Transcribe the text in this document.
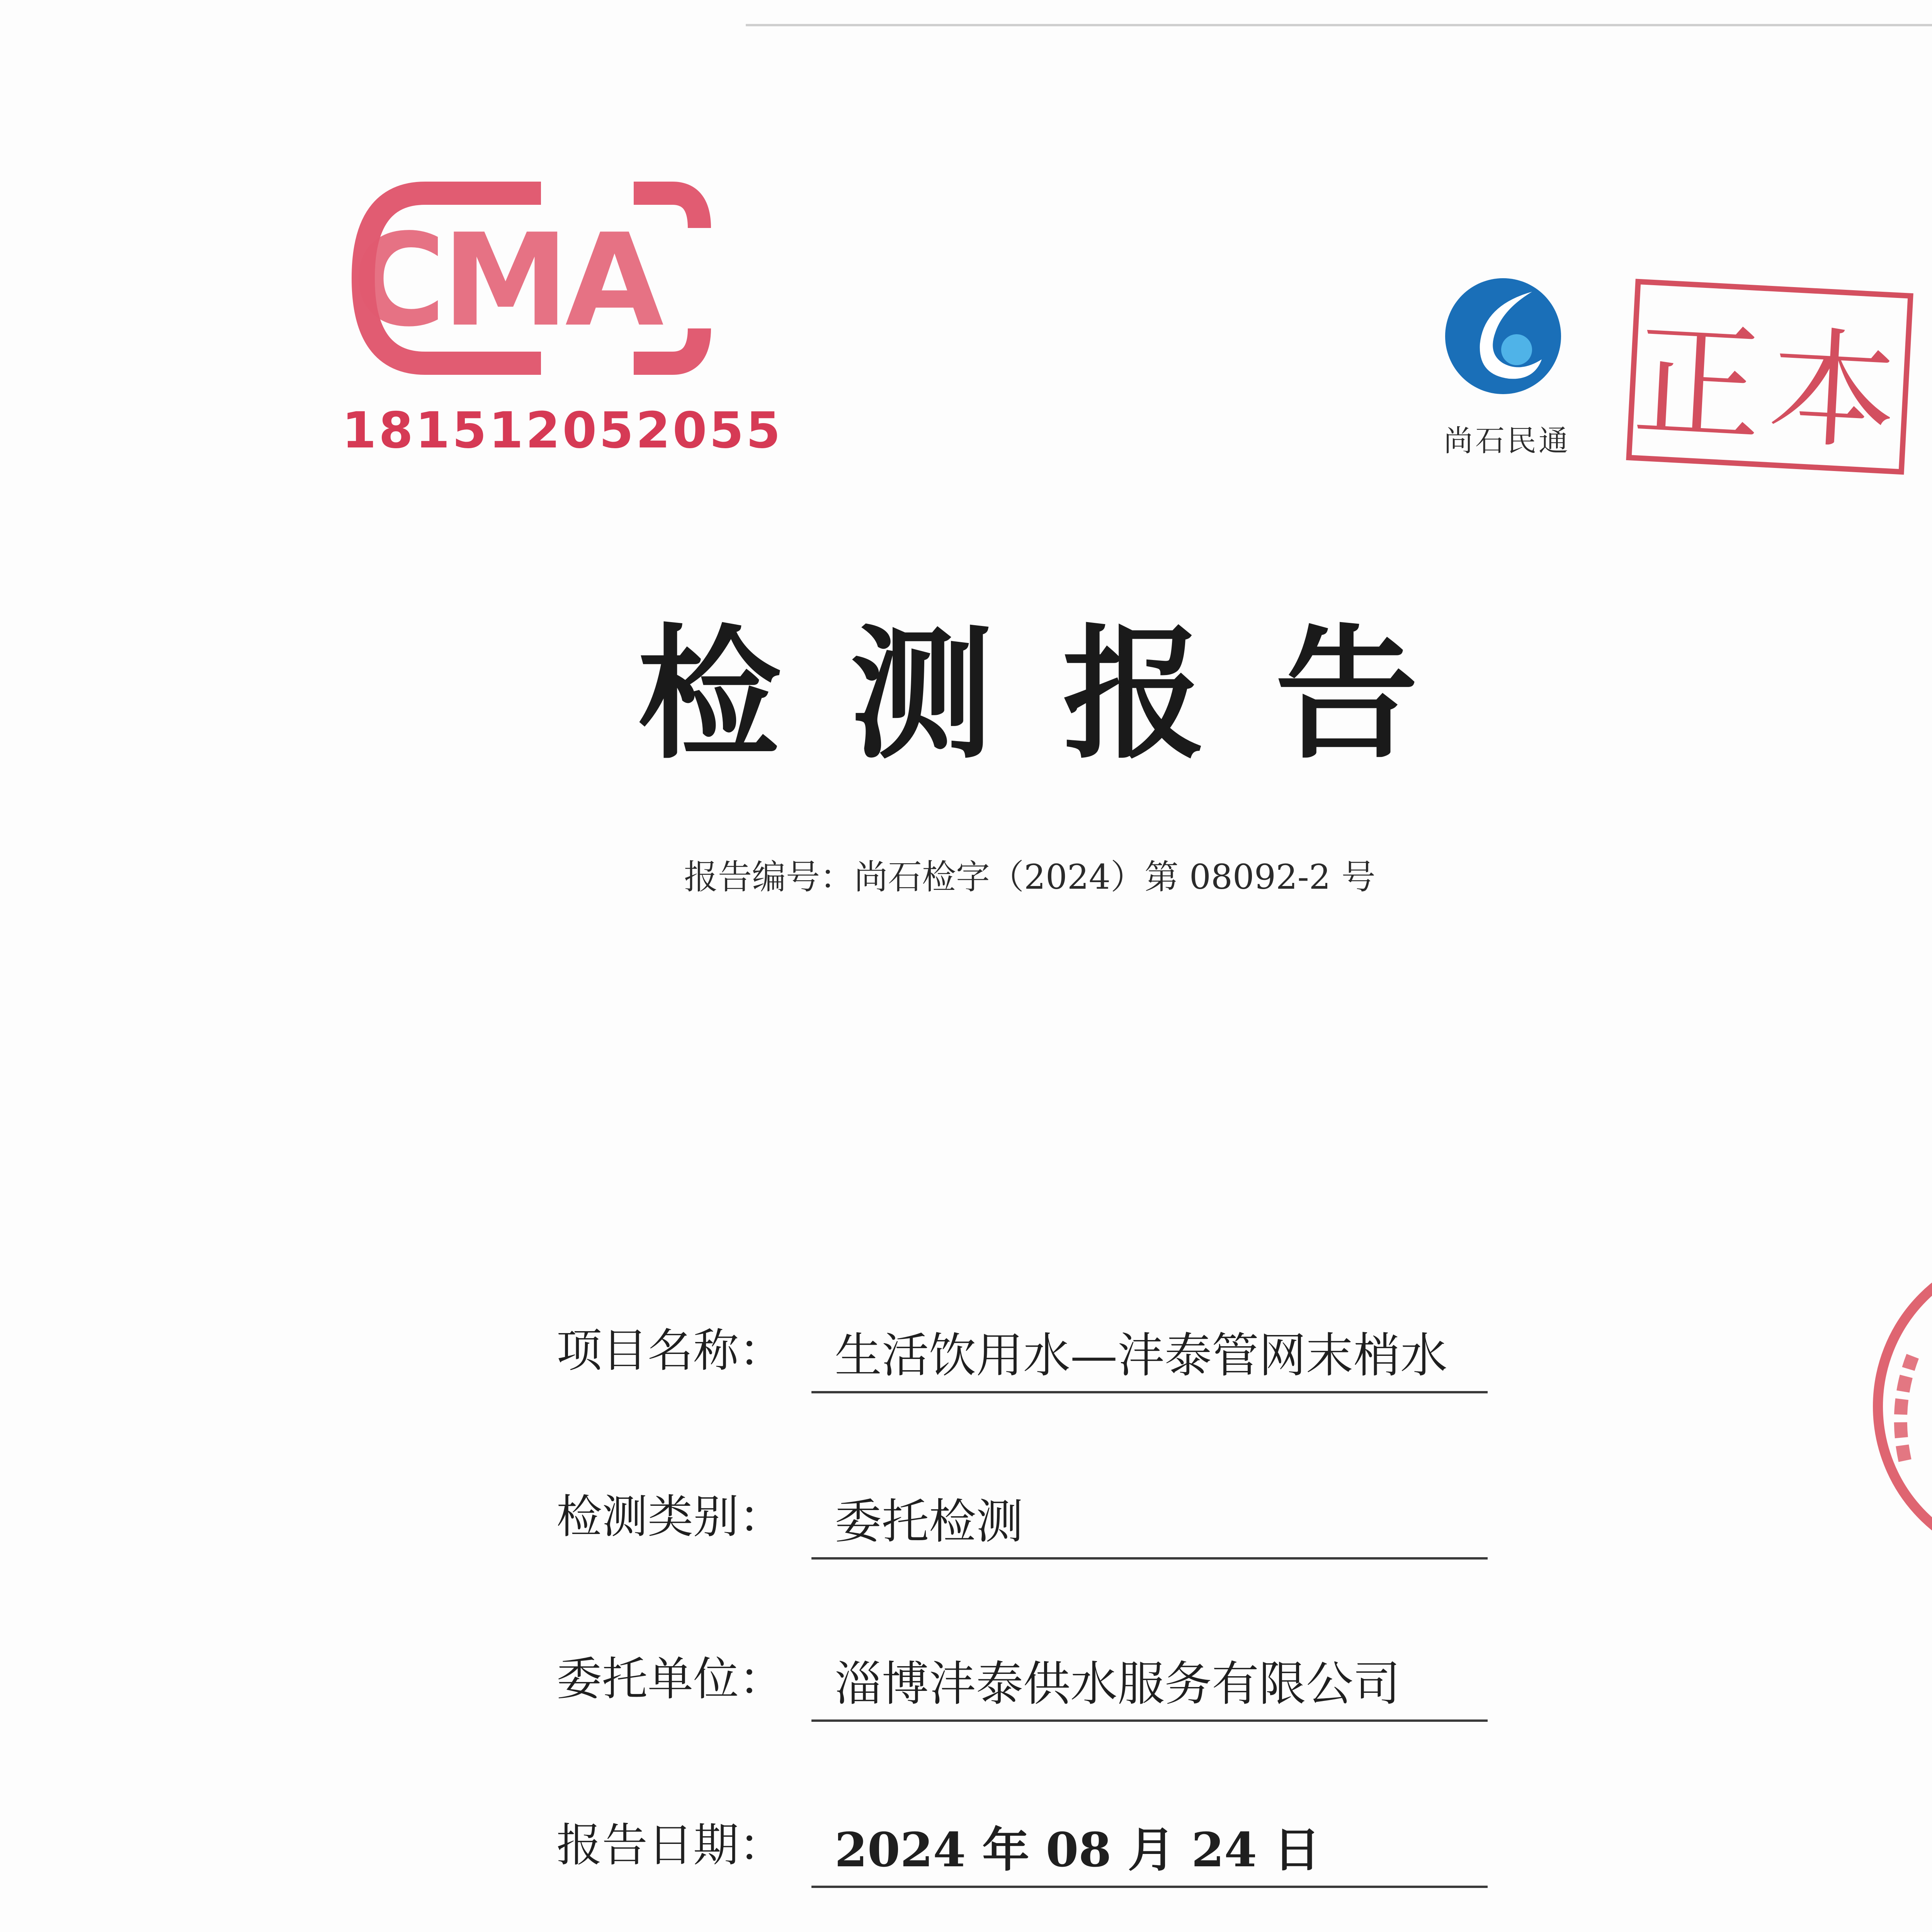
CMA
181512052055	尚石民通 正本
检测报告
报告编号：尚石检字（2024）第 08092-2 号
项目名称： 生活饮用水—沣泰管网末梢水
检测类别： 委托检测
委托单位： 淄博沣泰供水服务有限公司
报告日期： 2024 年 08 月 24 日
